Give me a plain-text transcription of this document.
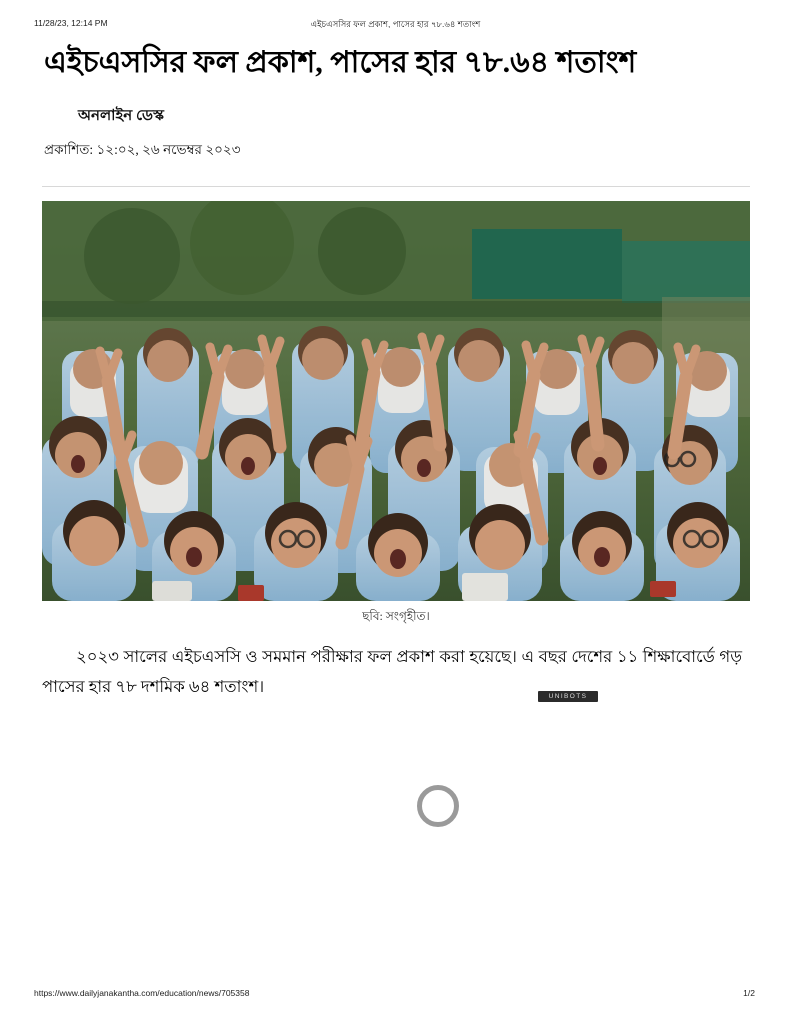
11/28/23, 12:14 PM	এইচএসসির ফল প্রকাশ, পাসের হার ৭৮.৬৪ শতাংশ
এইচএসসির ফল প্রকাশ, পাসের হার ৭৮.৬৪ শতাংশ
অনলাইন ডেস্ক
প্রকাশিত: ১২:০২, ২৬ নভেম্বর ২০২৩
ছবি: সংগৃহীত।

২০২৩ সালের এইচএসসি ও সমমান পরীক্ষার ফল প্রকাশ করা হয়েছে। এ বছর দেশের ১১ শিক্ষাবোর্ডে গড় পাসের হার ৭৮ দশমিক ৬৪ শতাংশ।

UNIBOTS
https://www.dailyjanakantha.com/education/news/705358	1/2
